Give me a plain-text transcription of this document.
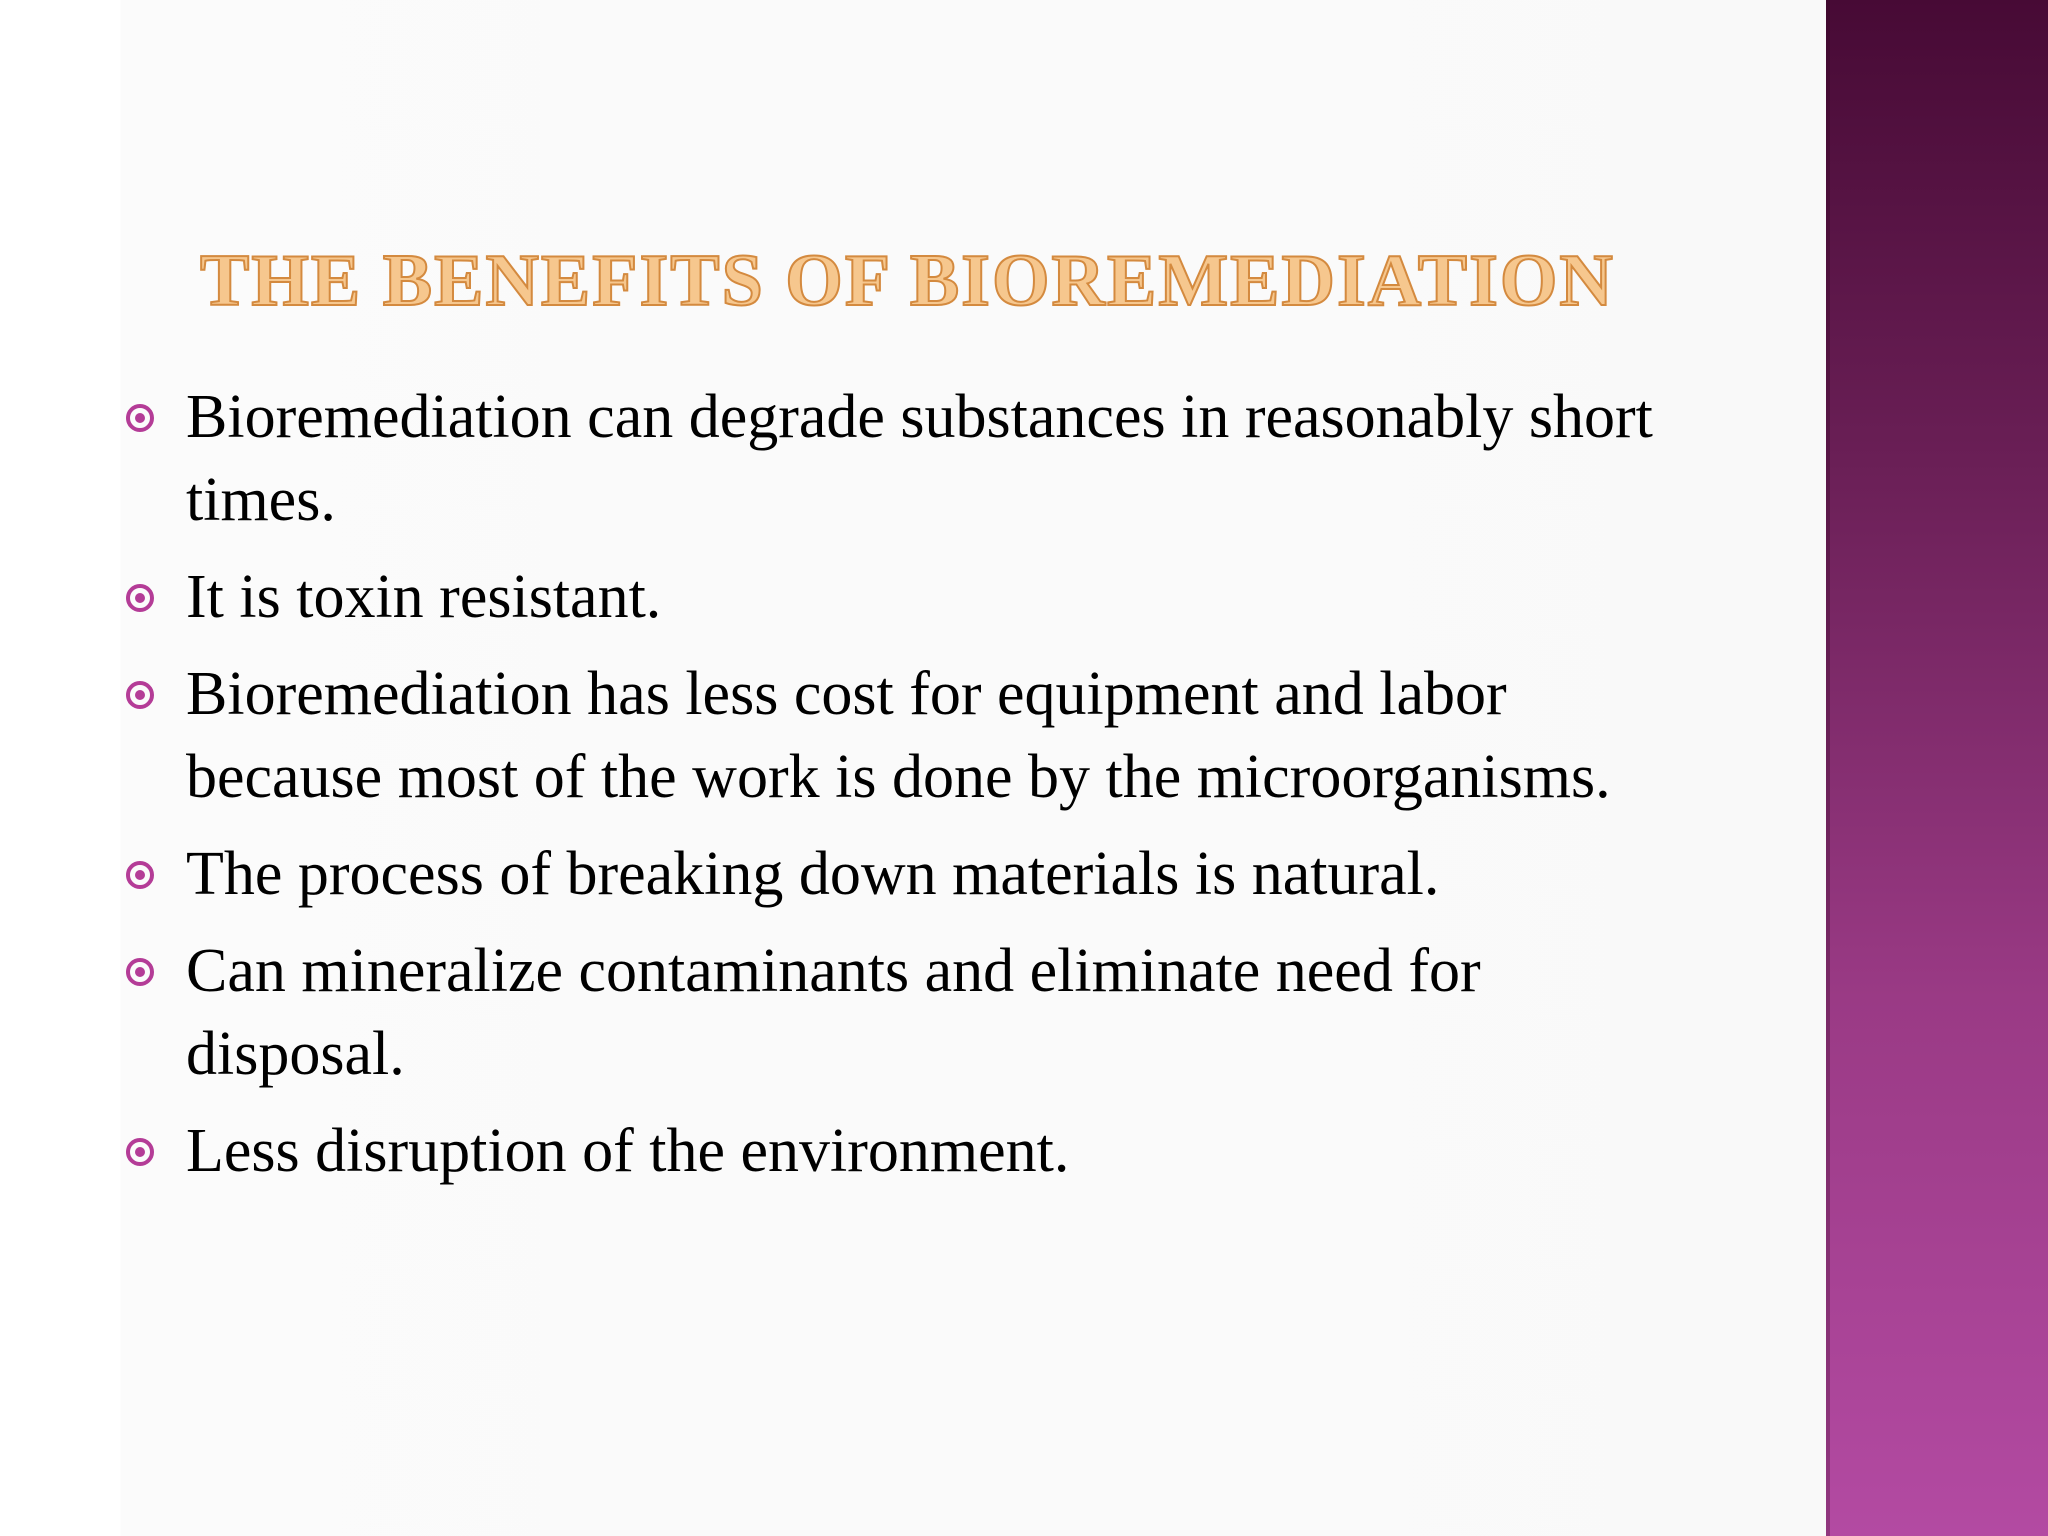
THE BENEFITS OF BIOREMEDIATION
Bioremediation can degrade substances in reasonably short times.
It is toxin resistant.
Bioremediation has less cost for equipment and labor because most of the work is done by the microorganisms.
The process of breaking down materials is natural.
Can mineralize contaminants and eliminate need for disposal.
Less disruption of the environment.
